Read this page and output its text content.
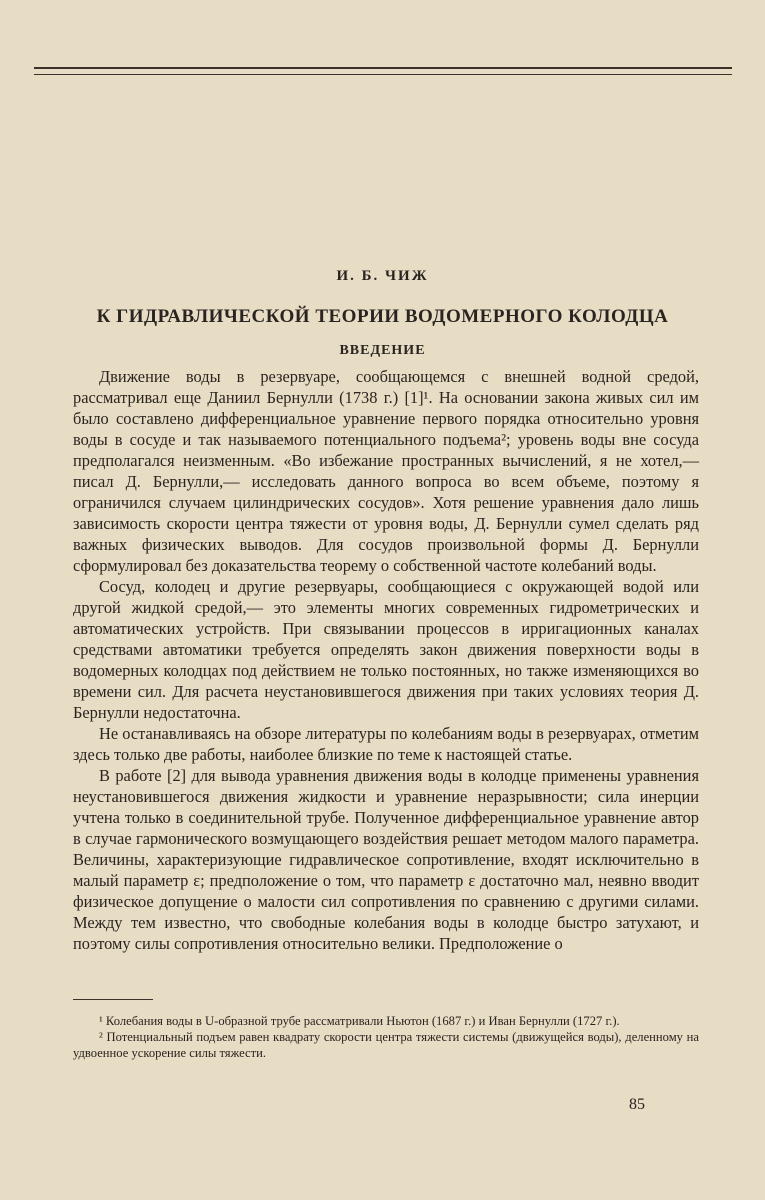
И. Б. ЧИЖ
К ГИДРАВЛИЧЕСКОЙ ТЕОРИИ ВОДОМЕРНОГО КОЛОДЦА
ВВЕДЕНИЕ

Движение воды в резервуаре, сообщающемся с внешней водной средой, рассматривал еще Даниил Бернулли (1738 г.) [1]¹. На основании закона живых сил им было составлено дифференциальное уравнение первого порядка относительно уровня воды в сосуде и так называемого потенциального подъема²; уровень воды вне сосуда предполагался неизменным. «Во избежание пространных вычислений, я не хотел,— писал Д. Бернулли,— исследовать данного вопроса во всем объеме, поэтому я ограничился случаем цилиндрических сосудов». Хотя решение уравнения дало лишь зависимость скорости центра тяжести от уровня воды, Д. Бернулли сумел сделать ряд важных физических выводов. Для сосудов произвольной формы Д. Бернулли сформулировал без доказательства теорему о собственной частоте колебаний воды.

Сосуд, колодец и другие резервуары, сообщающиеся с окружающей водой или другой жидкой средой,— это элементы многих современных гидрометрических и автоматических устройств. При связывании процессов в ирригационных каналах средствами автоматики требуется определять закон движения поверхности воды в водомерных колодцах под действием не только постоянных, но также изменяющихся во времени сил. Для расчета неустановившегося движения при таких условиях теория Д. Бернулли недостаточна.

Не останавливаясь на обзоре литературы по колебаниям воды в резервуарах, отметим здесь только две работы, наиболее близкие по теме к настоящей статье.

В работе [2] для вывода уравнения движения воды в колодце применены уравнения неустановившегося движения жидкости и уравнение неразрывности; сила инерции учтена только в соединительной трубе. Полученное дифференциальное уравнение автор в случае гармонического возмущающего воздействия решает методом малого параметра. Величины, характеризующие гидравлическое сопротивление, входят исключительно в малый параметр ε; предположение о том, что параметр ε достаточно мал, неявно вводит физическое допущение о малости сил сопротивления по сравнению с другими силами. Между тем известно, что свободные колебания воды в колодце быстро затухают, и поэтому силы сопротивления относительно велики. Предположение о

¹ Колебания воды в U-образной трубе рассматривали Ньютон (1687 г.) и Иван Бернулли (1727 г.).

² Потенциальный подъем равен квадрату скорости центра тяжести системы (движущейся воды), деленному на удвоенное ускорение силы тяжести.

85
